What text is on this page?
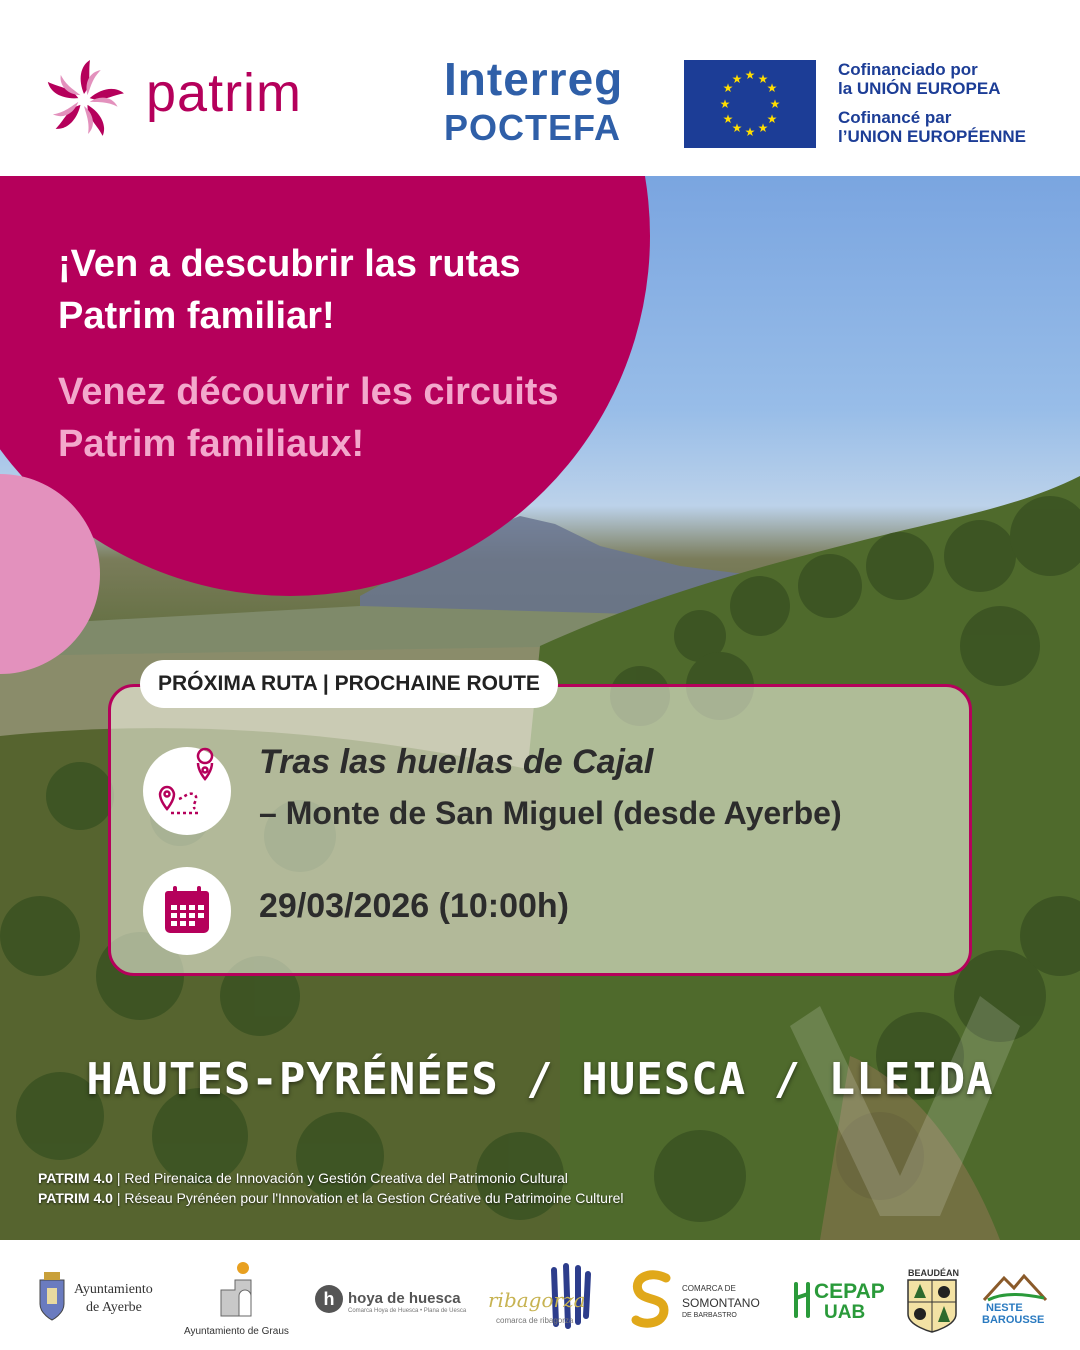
patrim	Interreg
POCTEFA
★ ★
★
★
★
★
★
★
★
★
★
★	Cofinanciado por
la UNIÓN EUROPEA
Cofinancé par
l’UNION EUROPÉENNE
¡Ven a descubrir las rutas Patrim familiar!
Venez découvrir les circuits Patrim familiaux!
Tras las huellas de Cajal
– Monte de San Miguel (desde Ayerbe)
29/03/2026 (10:00h)
PRÓXIMA RUTA | PROCHAINE ROUTE
HAUTES-PYRÉNÉES / HUESCA / LLEIDA
PATRIM 4.0 | Red Pirenaica de Innovación y Gestión Creativa del Patrimonio Cultural
PATRIM 4.0 | Réseau Pyrénéen pour l'Innovation et la Gestion Créative du Patrimoine Culturel
Ayuntamiento
de Ayerbe
Ayuntamiento de Graus
h hoya de huesca
Comarca Hoya de Huesca • Plana de Uesca ribagorza
comarca de ribagorza
COMARCA DE
SOMONTANO
DE BARBASTRO
CEPAP
UAB
BEAUDÉAN
NESTE
BAROUSSE
